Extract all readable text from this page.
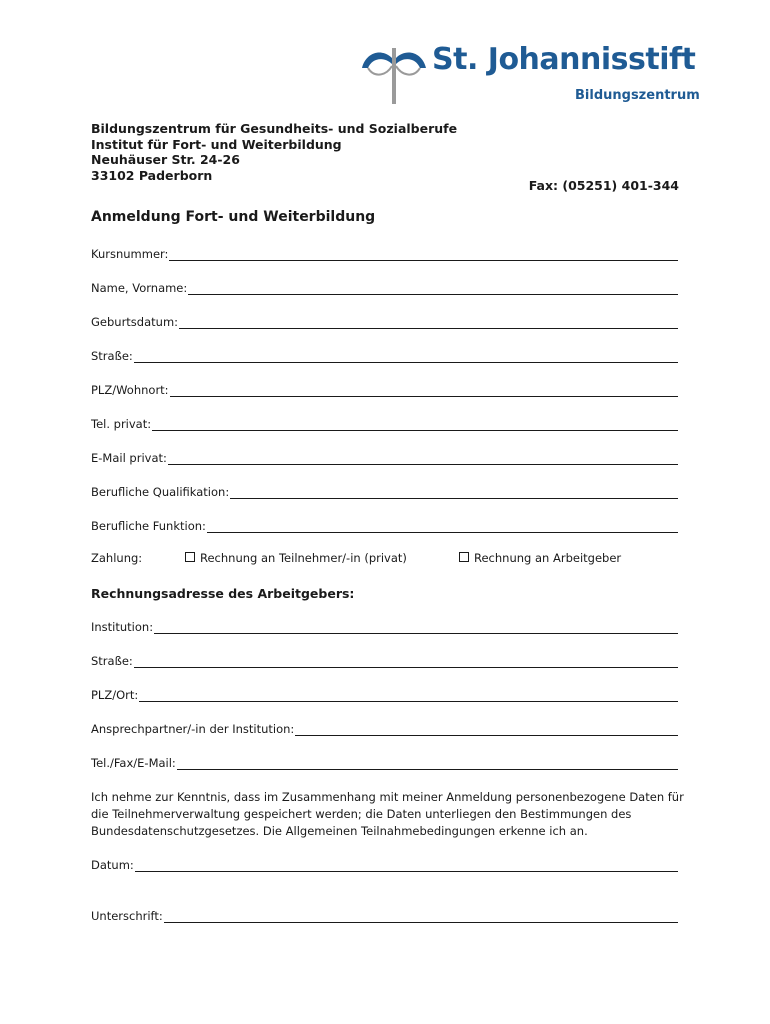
St. Johannisstift
Bildungszentrum
Bildungszentrum für Gesundheits- und Sozialberufe
Institut für Fort- und Weiterbildung
Neuhäuser Str. 24-26
33102 Paderborn
Fax: (05251) 401-344
Anmeldung Fort- und Weiterbildung
Kursnummer:
Name, Vorname:
Geburtsdatum:
Straße:
PLZ/Wohnort:
Tel. privat:
E-Mail privat:
Berufliche Qualifikation:
Berufliche Funktion:
Zahlung:	Rechnung an Teilnehmer/-in (privat)	Rechnung an Arbeitgeber
Rechnungsadresse des Arbeitgebers:
Institution:
Straße:
PLZ/Ort:
Ansprechpartner/-in der Institution:
Tel./Fax/E-Mail:
Ich nehme zur Kenntnis, dass im Zusammenhang mit meiner Anmeldung personenbezogene Daten für
die Teilnehmerverwaltung gespeichert werden; die Daten unterliegen den Bestimmungen des
Bundesdatenschutzgesetzes. Die Allgemeinen Teilnahmebedingungen erkenne ich an.
Datum:
Unterschrift:
